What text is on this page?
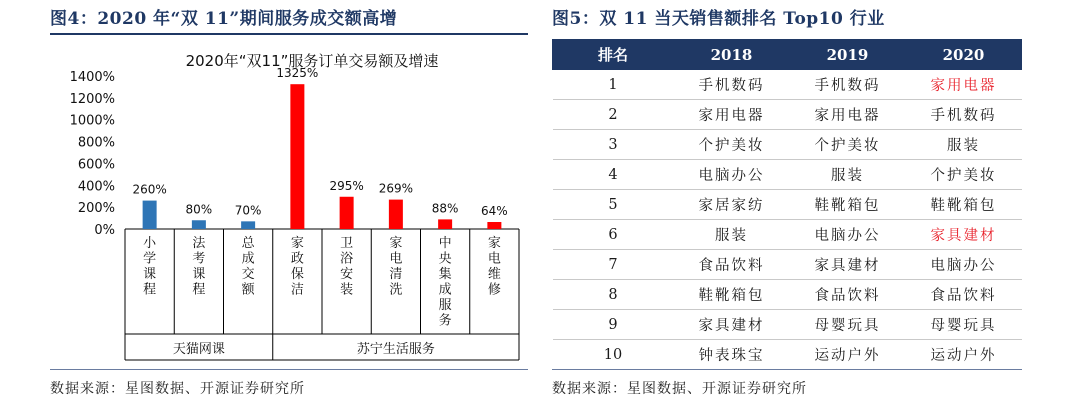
图4：2020 年“双 11”期间服务成交额高增
2020年“双11”服务订单交易额及增速
0%
200%
400%
600%
800%
1000%
1200%
1400%
260%
小学课程
80%
法考课程
70%
总成交额
1325%
家政保洁
295%
卫浴安装
269%
家电清洗
88%
中央集成服务
64%
家电维修
天猫网课	苏宁生活服务
数据来源：星图数据、开源证券研究所
图5：双 11 当天销售额排名 Top10 行业
排名	2018	2019	2020
1	手机数码	手机数码	家用电器
2	家用电器	家用电器	手机数码
3	个护美妆	个护美妆	服装
4	电脑办公	服装	个护美妆
5	家居家纺	鞋靴箱包	鞋靴箱包
6	服装	电脑办公	家具建材
7	食品饮料	家具建材	电脑办公
8	鞋靴箱包	食品饮料	食品饮料
9	家具建材	母婴玩具	母婴玩具
10	钟表珠宝	运动户外	运动户外
数据来源：星图数据、开源证券研究所
